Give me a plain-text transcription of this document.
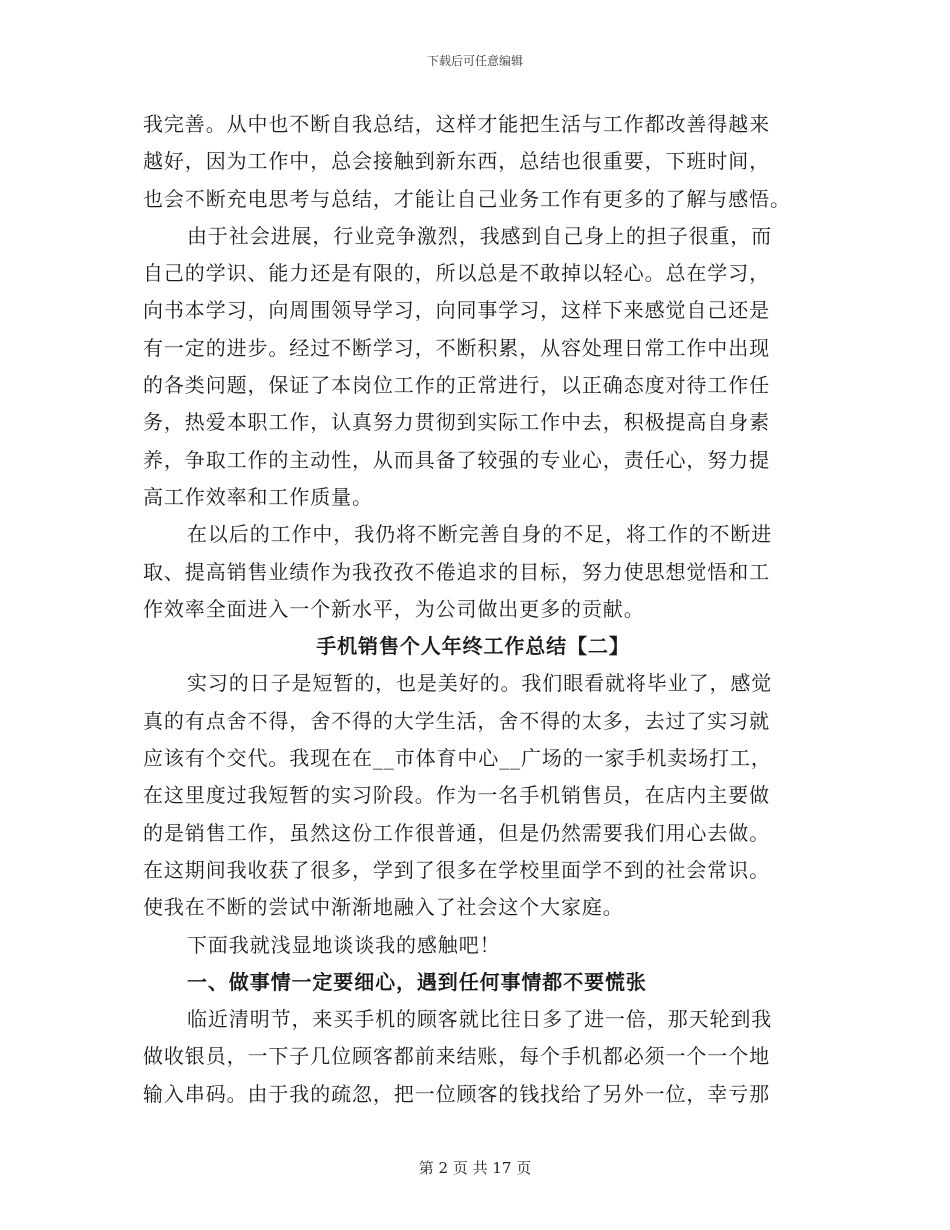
下载后可任意编辑
我完善。从中也不断自我总结，这样才能把生活与工作都改善得越来
越好，因为工作中，总会接触到新东西，总结也很重要，下班时间，
也会不断充电思考与总结，才能让自己业务工作有更多的了解与感悟。
由于社会进展，行业竞争激烈，我感到自己身上的担子很重，而
自己的学识、能力还是有限的，所以总是不敢掉以轻心。总在学习，
向书本学习，向周围领导学习，向同事学习，这样下来感觉自己还是
有一定的进步。经过不断学习，不断积累，从容处理日常工作中出现
的各类问题，保证了本岗位工作的正常进行，以正确态度对待工作任
务，热爱本职工作，认真努力贯彻到实际工作中去，积极提高自身素
养，争取工作的主动性，从而具备了较强的专业心，责任心，努力提
高工作效率和工作质量。
在以后的工作中，我仍将不断完善自身的不足，将工作的不断进
取、提高销售业绩作为我孜孜不倦追求的目标，努力使思想觉悟和工
作效率全面进入一个新水平，为公司做出更多的贡献。
手机销售个人年终工作总结【二】
实习的日子是短暂的，也是美好的。我们眼看就将毕业了，感觉
真的有点舍不得，舍不得的大学生活，舍不得的太多，去过了实习就
应该有个交代。我现在在__市体育中心__广场的一家手机卖场打工，
在这里度过我短暂的实习阶段。作为一名手机销售员，在店内主要做
的是销售工作，虽然这份工作很普通，但是仍然需要我们用心去做。
在这期间我收获了很多，学到了很多在学校里面学不到的社会常识。
使我在不断的尝试中渐渐地融入了社会这个大家庭。
下面我就浅显地谈谈我的感触吧！
一、做事情一定要细心，遇到任何事情都不要慌张
临近清明节，来买手机的顾客就比往日多了进一倍，那天轮到我
做收银员，一下子几位顾客都前来结账，每个手机都必须一个一个地
输入串码。由于我的疏忽，把一位顾客的钱找给了另外一位，幸亏那
第 2 页 共 17 页
